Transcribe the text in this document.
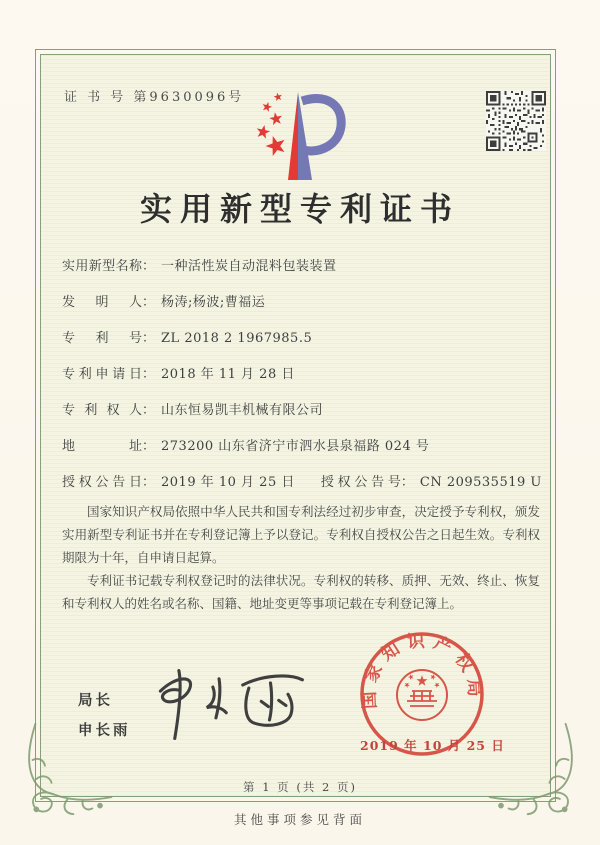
证 书 号 第9630096号
实用新型专利证书
实用新型名称： 一种活性炭自动混料包装装置
发明人： 杨涛;杨波;曹福运
专利号： ZL 2018 2 1967985.5
专利申请日： 2018 年 11 月 28 日
专利权人： 山东恒易凯丰机械有限公司
地址： 273200 山东省济宁市泗水县泉福路 024 号
授权公告日： 2019 年 10 月 25 日 授权公告号： CN 209535519 U

国家知识产权局依照中华人民共和国专利法经过初步审查，决定授予专利权，颁发实用新型专利证书并在专利登记簿上予以登记。专利权自授权公告之日起生效。专利权期限为十年，自申请日起算。

专利证书记载专利权登记时的法律状况。专利权的转移、质押、无效、终止、恢复和专利权人的姓名或名称、国籍、地址变更等事项记载在专利登记簿上。

局长
申长雨
国家知识产权局
2019 年 10 月 25 日
第 1 页 (共 2 页)
其他事项参见背面
